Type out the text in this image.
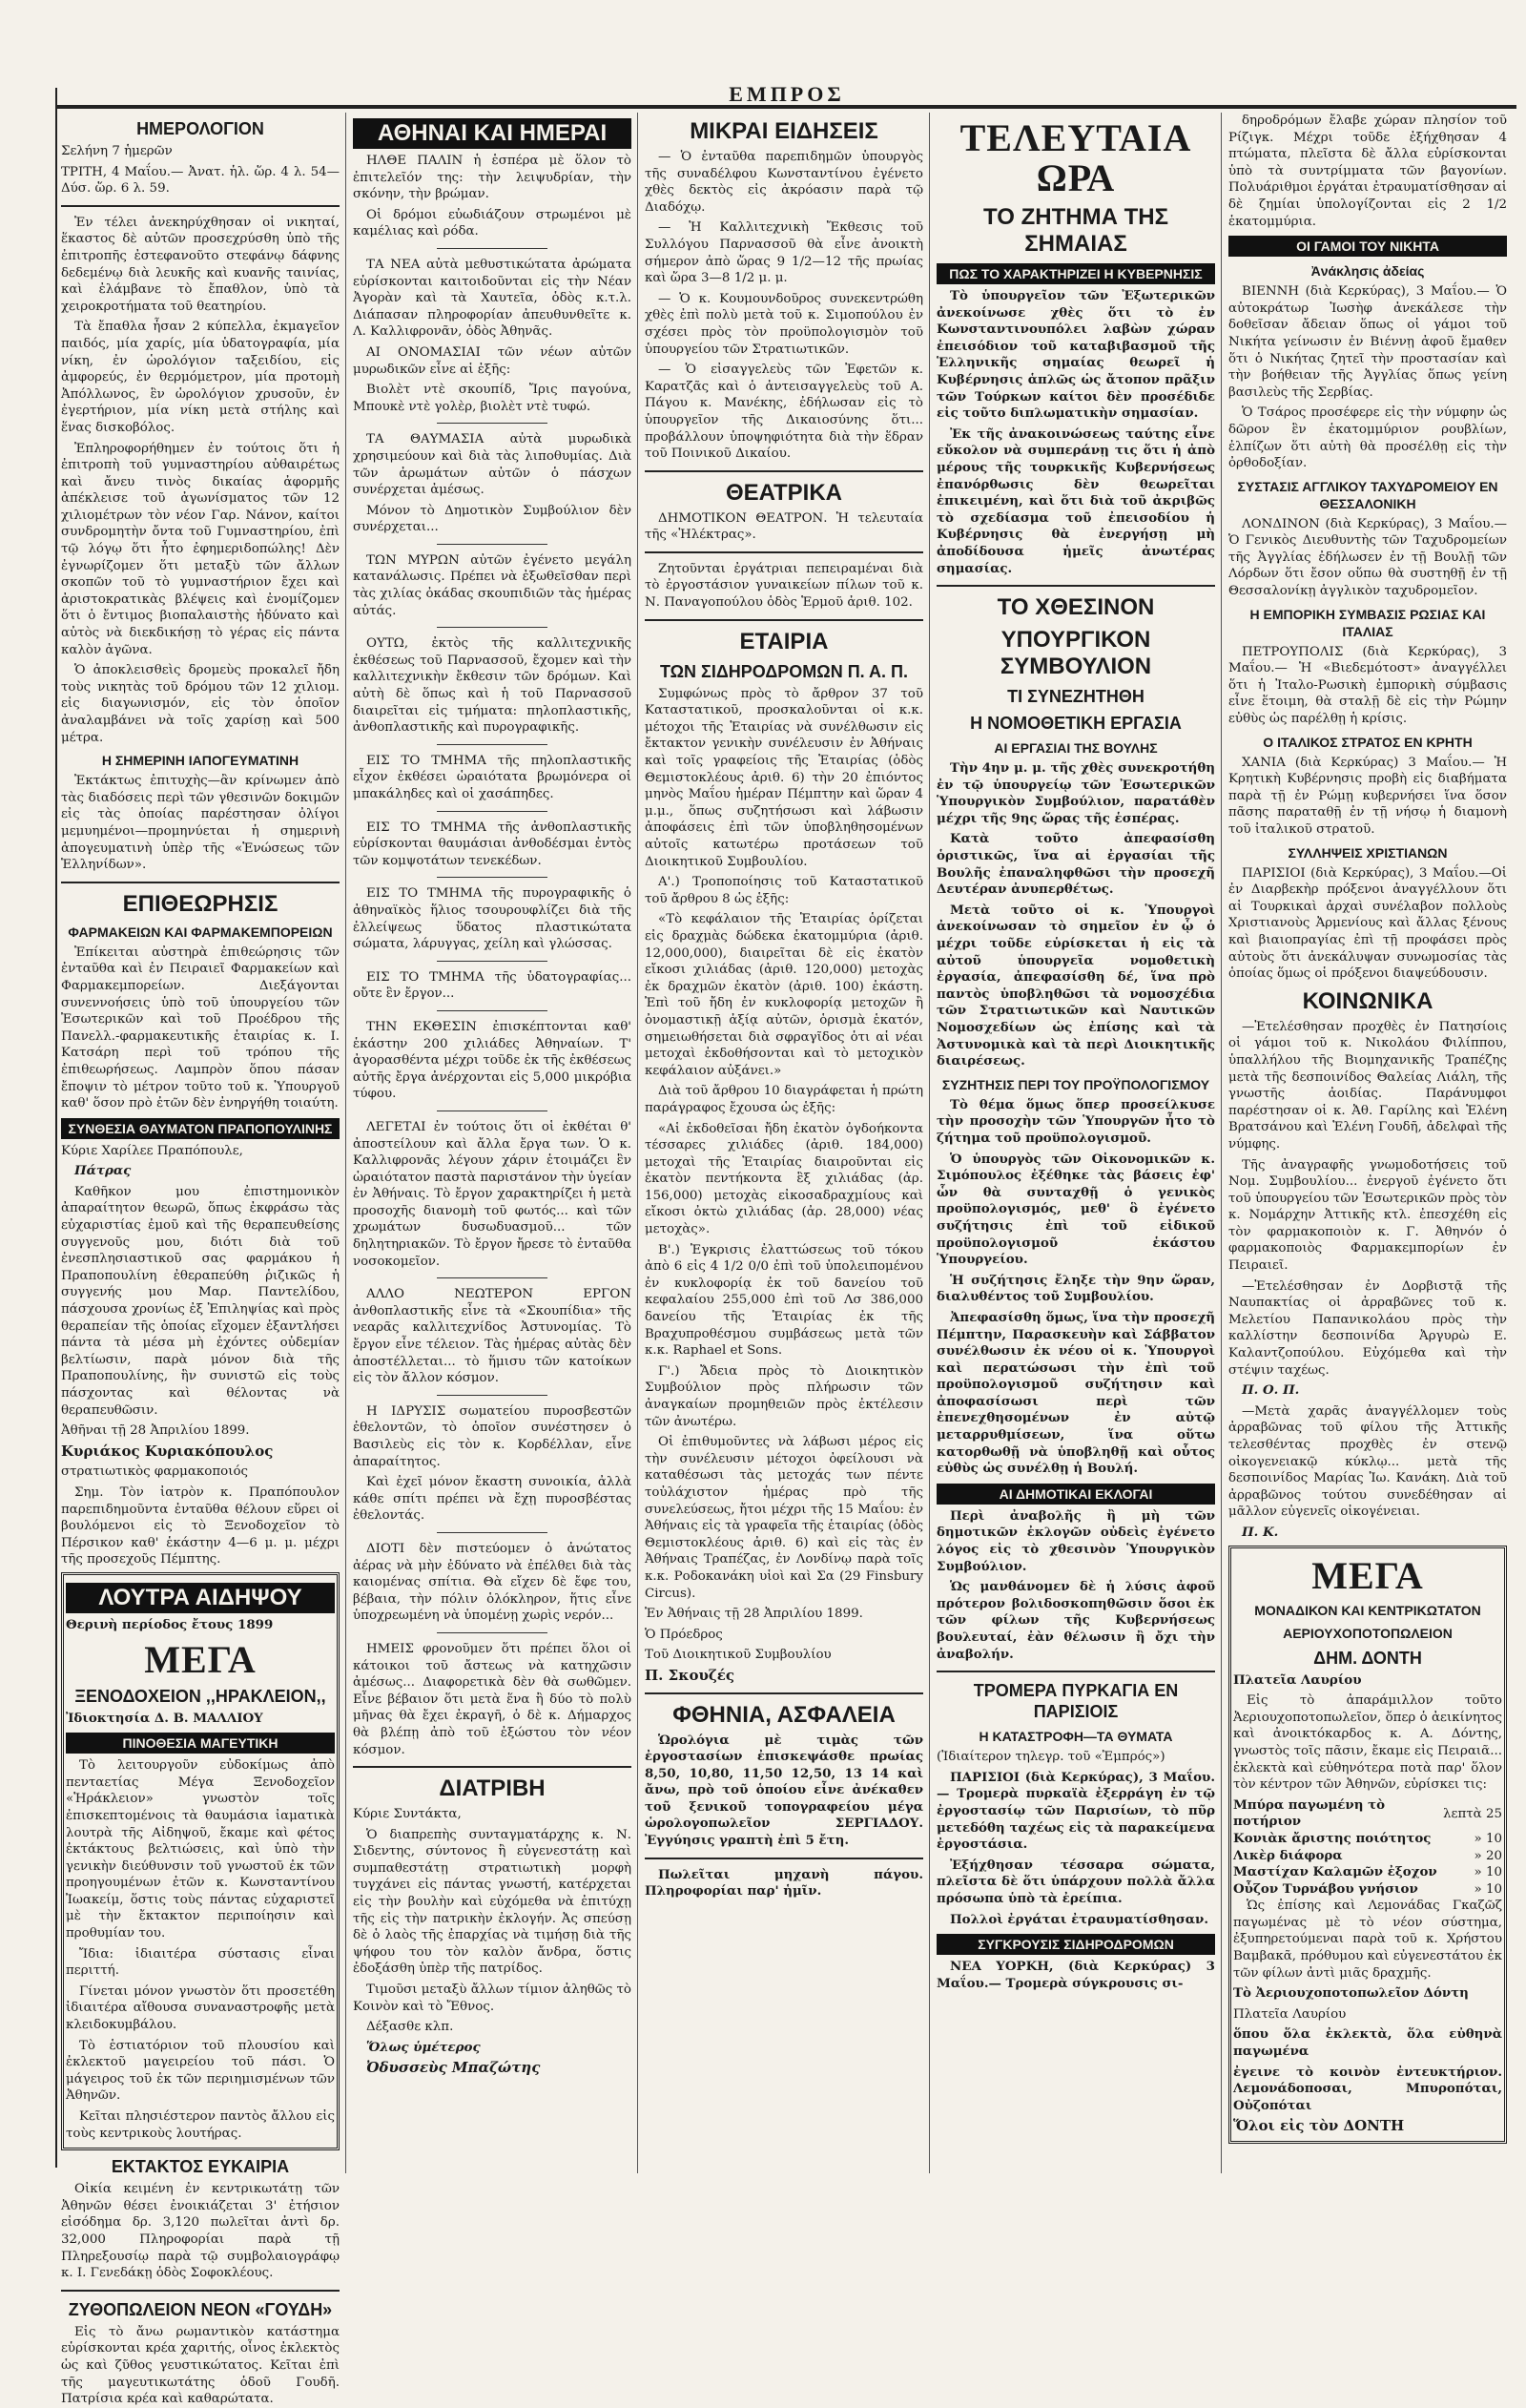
ΕΜΠΡΟΣ
ΗΜΕΡΟΛΟΓΙΟΝ

Σελήνη 7 ἡμερῶν

ΤΡΙΤΗ, 4 Μαΐου.— Ἀνατ. ἡλ. ὥρ. 4 λ. 54—Δύσ. ὥρ. 6 λ. 59.

Ἐν τέλει ἀνεκηρύχθησαν οἱ νικηταί, ἕκαστος δὲ αὐτῶν προσεχρύσθη ὑπὸ τῆς ἐπιτροπῆς ἐστεφανοῦτο στεφάνῳ δάφνης δεδεμένῳ διὰ λευκῆς καὶ κυανῆς ταινίας, καὶ ἐλάμβανε τὸ ἔπαθλον, ὑπὸ τὰ χειροκροτήματα τοῦ θεατηρίου.

Τὰ ἔπαθλα ἦσαν 2 κύπελλα, ἐκμαγεῖον παιδός, μία χαρίς, μία ὑδατογραφία, μία νίκη, ἐν ὡρολόγιον ταξειδίου, εἰς ἀμφορεύς, ἐν θερμόμετρον, μία προτομὴ Ἀπόλλωνος, ἓν ὡρολόγιον χρυσοῦν, ἐν ἐγερτήριον, μία νίκη μετὰ στήλης καὶ ἕνας δισκοβόλος.

Ἐπληροφορήθημεν ἐν τούτοις ὅτι ἡ ἐπιτροπὴ τοῦ γυμναστηρίου αὐθαιρέτως καὶ ἄνευ τινὸς δικαίας ἀφορμῆς ἀπέκλεισε τοῦ ἀγωνίσματος τῶν 12 χιλιομέτρων τὸν νέον Γαρ. Νάνον, καίτοι συνδρομητὴν ὄντα τοῦ Γυμναστηρίου, ἐπὶ τῷ λόγῳ ὅτι ἦτο ἐφημεριδοπώλης! Δὲν ἐγνωρίζομεν ὅτι μεταξὺ τῶν ἄλλων σκοπῶν τοῦ τὸ γυμναστήριον ἔχει καὶ ἀριστοκρατικὰς βλέψεις καὶ ἐνομίζομεν ὅτι ὁ ἔντιμος βιοπαλαιστὴς ἠδύνατο καὶ αὐτὸς νὰ διεκδικήσῃ τὸ γέρας εἰς πάντα καλὸν ἀγῶνα.

Ὁ ἀποκλεισθεὶς δρομεὺς προκαλεῖ ἤδη τοὺς νικητὰς τοῦ δρόμου τῶν 12 χιλιομ. εἰς διαγωνισμόν, εἰς τὸν ὁποῖον ἀναλαμβάνει νὰ τοῖς χαρίσῃ καὶ 500 μέτρα.

Η ΣΗΜΕΡΙΝΗ ΙΑΠΟΓΕΥΜΑΤΙΝΗ

Ἐκτάκτως ἐπιτυχὴς—ἂν κρίνωμεν ἀπὸ τὰς διαδόσεις περὶ τῶν γθεσινῶν δοκιμῶν εἰς τὰς ὁποίας παρέστησαν ὀλίγοι μεμυημένοι—προμηνύεται ἡ σημερινὴ ἀπογευματινὴ ὑπὲρ τῆς «Ἑνώσεως τῶν Ἑλληνίδων».

ΕΠΙΘΕΩΡΗΣΙΣ
ΦΑΡΜΑΚΕΙΩΝ ΚΑΙ ΦΑΡΜΑΚΕΜΠΟΡΕΙΩΝ

Ἐπίκειται αὐστηρὰ ἐπιθεώρησις τῶν ἐνταῦθα καὶ ἐν Πειραιεῖ Φαρμακείων καὶ Φαρμακεμπορείων. Διεξάγονται συνεννοήσεις ὑπὸ τοῦ ὑπουργείου τῶν Ἐσωτερικῶν καὶ τοῦ Προέδρου τῆς Πανελλ.-φαρμακευτικῆς ἑταιρίας κ. Ι. Κατσάρη περὶ τοῦ τρόπου τῆς ἐπιθεωρήσεως. Λαμπρὸν ὅπου πάσαν ἔποψιν τὸ μέτρον τοῦτο τοῦ κ. Ὑπουργοῦ καθ' ὅσον πρὸ ἐτῶν δὲν ἐνηργήθη τοιαύτη.

ΣΥΝΘΕΣΙΑ ΘΑΥΜΑΤΟΝ ΠΡΑΠΟΠΟΥΛΙΝΗΣ

Κύριε Χαρίλεε Πραπόπουλε,

Πάτρας

Καθῆκον μου ἐπιστημονικὸν ἀπαραίτητον θεωρῶ, ὅπως ἐκφράσω τὰς εὐχαριστίας ἐμοῦ καὶ τῆς θεραπευθείσης συγγενοῦς μου, διότι διὰ τοῦ ἐνεσπλησιαστικοῦ σας φαρμάκου ἡ Πραποπουλίνη ἐθεραπεύθη ῥιζικῶς ἡ συγγενής μου Μαρ. Παντελίδου, πάσχουσα χρονίως ἐξ Ἐπιληψίας καὶ πρὸς θεραπείαν τῆς ὁποίας εἴχομεν ἐξαντλήσει πάντα τὰ μέσα μὴ ἐχόντες οὐδεμίαν βελτίωσιν, παρὰ μόνον διὰ τῆς Πραποπουλίνης, ἣν συνιστῶ εἰς τοὺς πάσχοντας καὶ θέλοντας νὰ θεραπευθῶσιν.

Ἀθῆναι τῇ 28 Ἀπριλίου 1899.

Κυριάκος Κυριακόπουλος

στρατιωτικὸς φαρμακοποιός

Σημ. Τὸν ἰατρὸν κ. Πραπόπουλον παρεπιδημοῦντα ἐνταῦθα θέλουν εὕρει οἱ βουλόμενοι εἰς τὸ Ξενοδοχεῖον τὸ Πέρσικον καθ' ἑκάστην 4—6 μ. μ. μέχρι τῆς προσεχοῦς Πέμπτης.

ΛΟΥΤΡΑ ΑΙΔΗΨΟΥ

Θερινὴ περίοδος ἔτους 1899

ΜΕΓΑ
ΞΕΝΟΔΟΧΕΙΟΝ ,,ΗΡΑΚΛΕΙΟΝ,,

Ἰδιοκτησία Δ. Β. ΜΑΛΛΙΟΥ

ΠΙΝΟΘΕΣΙΑ ΜΑΓΕΥΤΙΚΗ

Τὸ λειτουργοῦν εὐδοκίμως ἀπὸ πενταετίας Μέγα Ξενοδοχεῖον «Ἡράκλειον» γνωστὸν τοῖς ἐπισκεπτομένοις τὰ θαυμάσια ἰαματικὰ λουτρὰ τῆς Αἰδηψοῦ, ἔκαμε καὶ φέτος ἐκτάκτους βελτιώσεις, καὶ ὑπὸ τὴν γενικὴν διεύθυνσιν τοῦ γνωστοῦ ἐκ τῶν προηγουμένων ἐτῶν κ. Κωνσταντίνου Ἰωακείμ, ὅστις τοὺς πάντας εὐχαριστεῖ μὲ τὴν ἔκτακτον περιποίησιν καὶ προθυμίαν του.

Ἴδια: ἰδιαιτέρα σύστασις εἶναι περιττή.

Γίνεται μόνον γνωστὸν ὅτι προσετέθη ἰδιαιτέρα αἴθουσα συναναστροφῆς μετὰ κλειδοκυμβάλου.

Τὸ ἑστιατόριον τοῦ πλουσίου καὶ ἐκλεκτοῦ μαγειρείου τοῦ πάσι. Ὁ μάγειρος τοῦ ἐκ τῶν περιημισμένων τῶν Ἀθηνῶν.

Κεῖται πλησιέστερον παντὸς ἄλλου εἰς τοὺς κεντρικοὺς λουτήρας.

ΕΚΤΑΚΤΟΣ ΕΥΚΑΙΡΙΑ

Οἰκία κειμένη ἐν κεντρικωτάτῃ τῶν Ἀθηνῶν θέσει ἐνοικιάζεται 3' ἐτήσιον εἰσόδημα δρ. 3,120 πωλεῖται ἀντὶ δρ. 32,000 Πληροφορίαι παρὰ τῇ Πληρεξουσίῳ παρὰ τῷ συμβολαιογράφῳ κ. Ι. Γενεδάκῃ ὁδὸς Σοφοκλέους.

ΖΥΘΟΠΩΛΕΙΟΝ ΝΕΟΝ «ΓΟΥΔΗ»

Εἰς τὸ ἄνω ρωμαντικὸν κατάστημα εὑρίσκονται κρέα χαριτής, οἶνος ἐκλεκτὸς ὡς καὶ ζῦθος γευστικώτατος. Κεῖται ἐπὶ τῆς μαγευτικωτάτης ὁδοῦ Γουδῆ. Πατρίσια κρέα καὶ καθαρώτατα.

ΑΘΗΝΑΙ ΚΑΙ ΗΜΕΡΑΙ

ΗΛΘΕ ΠΑΛΙΝ ἡ ἑσπέρα μὲ ὅλον τὸ ἐπιτελεῖόν της: τὴν λειψυδρίαν, τὴν σκόνην, τὴν βρώμαν.

Οἱ δρόμοι εὐωδιάζουν στρωμένοι μὲ καμέλιας καὶ ρόδα.

ΤΑ ΝΕΑ αὐτὰ μεθυστικώτατα ἀρώματα εὑρίσκονται καιτοιδοῦνται εἰς τὴν Νέαν Ἀγορὰν καὶ τὰ Χαυτεῖα, ὁδὸς κ.τ.λ. Διάπασαν πληροφορίαν ἀπευθυνθεῖτε κ. Λ. Καλλιφρονᾶν, ὁδὸς Ἀθηνᾶς.

ΑΙ ΟΝΟΜΑΣΙΑΙ τῶν νέων αὐτῶν μυρωδικῶν εἶνε αἱ ἐξῆς:

Βιολὲτ ντὲ σκουπίδ, Ἴρις παγούνα, Μπουκὲ ντὲ γολὲρ, βιολὲτ ντὲ τυφώ.

ΤΑ ΘΑΥΜΑΣΙΑ αὐτὰ μυρωδικὰ χρησιμεύουν καὶ διὰ τὰς λιποθυμίας. Διὰ τῶν ἀρωμάτων αὐτῶν ὁ πάσχων συνέρχεται ἀμέσως.

Μόνον τὸ Δημοτικὸν Συμβούλιον δὲν συνέρχεται...

ΤΩΝ ΜΥΡΩΝ αὐτῶν ἐγένετο μεγάλη κατανάλωσις. Πρέπει νὰ ἐξωθεῖσθαν περὶ τὰς χιλίας ὀκάδας σκουπιδιῶν τὰς ἡμέρας αὐτάς.

ΟΥΤΩ, ἐκτὸς τῆς καλλιτεχνικῆς ἐκθέσεως τοῦ Παρνασσοῦ, ἔχομεν καὶ τὴν καλλιτεχνικὴν ἔκθεσιν τῶν δρόμων. Καὶ αὐτὴ δὲ ὅπως καὶ ἡ τοῦ Παρνασσοῦ διαιρεῖται εἰς τμήματα: πηλοπλαστικῆς, ἀνθοπλαστικῆς καὶ πυρογραφικῆς.

ΕΙΣ ΤΟ ΤΜΗΜΑ τῆς πηλοπλαστικῆς εἶχον ἐκθέσει ὡραιότατα βρωμόνερα οἱ μπακάληδες καὶ οἱ χασάπηδες.

ΕΙΣ ΤΟ ΤΜΗΜΑ τῆς ἀνθοπλαστικῆς εὑρίσκονται θαυμάσιαι ἀνθοδέσμαι ἐντὸς τῶν κομψοτάτων τενεκέδων.

ΕΙΣ ΤΟ ΤΜΗΜΑ τῆς πυρογραφικῆς ὁ ἀθηναϊκὸς ἥλιος τσουρουφλίζει διὰ τῆς ἐλλείψεως ὕδατος πλαστικώτατα σώματα, λάρυγγας, χείλη καὶ γλώσσας.

ΕΙΣ ΤΟ ΤΜΗΜΑ τῆς ὑδατογραφίας... οὔτε ἓν ἔργον...

ΤΗΝ ΕΚΘΕΣΙΝ ἐπισκέπτονται καθ' ἑκάστην 200 χιλιάδες Ἀθηναίων. Τ' ἀγορασθέντα μέχρι τοῦδε ἐκ τῆς ἐκθέσεως αὐτῆς ἔργα ἀνέρχονται εἰς 5,000 μικρόβια τύφου.

ΛΕΓΕΤΑΙ ἐν τούτοις ὅτι οἱ ἐκθέται θ' ἀποστείλουν καὶ ἄλλα ἔργα των. Ὁ κ. Καλλιφρονᾶς λέγουν χάριν ἑτοιμάζει ἓν ὡραιότατον παστὰ παριστάνον τὴν ὑγείαν ἐν Ἀθήναις. Τὸ ἔργον χαρακτηρίζει ἡ μετὰ προσοχῆς διανομὴ τοῦ φωτός... καὶ τῶν χρωμάτων δυσωδυασμοῦ... τῶν δηλητηριακῶν. Τὸ ἔργον ἤρεσε τὸ ἐνταῦθα νοσοκομεῖον.

ΑΛΛΟ ΝΕΩΤΕΡΟΝ ΕΡΓΟΝ ἀνθοπλαστικῆς εἶνε τὰ «Σκουπίδια» τῆς νεαρᾶς καλλιτεχνίδος Ἀστυνομίας. Τὸ ἔργον εἶνε τέλειον. Τὰς ἡμέρας αὐτὰς δὲν ἀποστέλλεται... τὸ ἥμισυ τῶν κατοίκων εἰς τὸν ἄλλον κόσμον.

Η ΙΔΡΥΣΙΣ σωματείου πυροσβεστῶν ἐθελοντῶν, τὸ ὁποῖον συνέστησεν ὁ Βασιλεὺς εἰς τὸν κ. Κορδέλλαν, εἶνε ἀπαραίτητος.

Καὶ ἐχεῖ μόνον ἔκαστη συνοικία, ἀλλὰ κάθε σπίτι πρέπει νὰ ἔχῃ πυροσβέστας ἐθελοντάς.

ΔΙΟΤΙ δὲν πιστεύομεν ὁ ἀνώτατος ἀέρας νὰ μὴν ἐδύνατο νὰ ἐπέλθει διὰ τὰς καιομένας σπίτια. Θὰ εἴχεν δὲ ἔφε του, βέβαια, τὴν πόλιν ὁλόκληρον, ἥτις εἶνε ὑποχρεωμένη νὰ ὑπομένῃ χωρὶς νερόν...

ΗΜΕΙΣ φρονοῦμεν ὅτι πρέπει ὅλοι οἱ κάτοικοι τοῦ ἄστεως νὰ κατηχῶσιν ἀμέσως... Διαφορετικὰ δὲν θὰ σωθῶμεν. Εἶνε βέβαιον ὅτι μετὰ ἕνα ἢ δύο τὸ πολὺ μῆνας θὰ ἔχει ἐκραγῆ, ὁ δὲ κ. Δήμαρχος θὰ βλέπῃ ἀπὸ τοῦ ἐξώστου τὸν νέον κόσμον.

ΔΙΑΤΡΙΒΗ

Κύριε Συντάκτα,

Ὁ διαπρεπὴς συνταγματάρχης κ. Ν. Σιδεντης, σύντονος ἢ εὐγενεστάτῃ καὶ συμπαθεστάτῃ στρατιωτικὴ μορφὴ τυγχάνει εἰς πάντας γνωστή, κατέρχεται εἰς τὴν βουλὴν καὶ εὐχόμεθα νὰ ἐπιτύχῃ τῆς εἰς τὴν πατρικὴν ἐκλογήν. Ἀς σπεύσῃ δὲ ὁ λαὸς τῆς ἐπαρχίας νὰ τιμήσῃ διὰ τῆς ψήφου του τὸν καλὸν ἄνδρα, ὅστις ἐδοξάσθη ὑπὲρ τῆς πατρίδος.

Τιμοῦσι μεταξὺ ἄλλων τίμιον ἀληθῶς τὸ Κοινὸν καὶ τὸ Ἔθνος.

Δέξασθε κλπ.

Ὅλως ὑμέτερος

Ὀδυσσεὺς Μπαζώτης

ΜΙΚΡΑΙ ΕΙΔΗΣΕΙΣ

— Ὁ ἐνταῦθα παρεπιδημῶν ὑπουργὸς τῆς συναδέλφου Κωνσταντίνου ἐγένετο χθὲς δεκτὸς εἰς ἀκρόασιν παρὰ τῷ Διαδόχῳ.

— Ἡ Καλλιτεχνικὴ Ἔκθεσις τοῦ Συλλόγου Παρνασσοῦ θὰ εἶνε ἀνοικτὴ σήμερον ἀπὸ ὥρας 9 1/2—12 τῆς πρωίας καὶ ὥρα 3—8 1/2 μ. μ.

— Ὁ κ. Κουμουνδοῦρος συνεκεντρώθη χθὲς ἐπὶ πολὺ μετὰ τοῦ κ. Σιμοπούλου ἐν σχέσει πρὸς τὸν προϋπολογισμὸν τοῦ ὑπουργείου τῶν Στρατιωτικῶν.

— Ὁ εἰσαγγελεὺς τῶν Ἐφετῶν κ. Καρατζᾶς καὶ ὁ ἀντεισαγγελεὺς τοῦ Α. Πάγου κ. Μανέκης, ἐδήλωσαν εἰς τὸ ὑπουργεῖον τῆς Δικαιοσύνης ὅτι... προβάλλουν ὑποψηφιότητα διὰ τὴν ἕδραν τοῦ Ποινικοῦ Δικαίου.

ΘΕΑΤΡΙΚΑ

ΔΗΜΟΤΙΚΟΝ ΘΕΑΤΡΟΝ. Ἡ τελευταία τῆς «Ἠλέκτρας».

Ζητοῦνται ἐργάτριαι πεπειραμέναι διὰ τὸ ἐργοστάσιον γυναικείων πίλων τοῦ κ. Ν. Παναγοπούλου ὁδὸς Ἑρμοῦ ἀριθ. 102.

ΕΤΑΙΡΙΑ
ΤΩΝ ΣΙΔΗΡΟΔΡΟΜΩΝ Π. Α. Π.

Συμφώνως πρὸς τὸ ἄρθρον 37 τοῦ Καταστατικοῦ, προσκαλοῦνται οἱ κ.κ. μέτοχοι τῆς Ἑταιρίας νὰ συνέλθωσιν εἰς ἔκτακτον γενικὴν συνέλευσιν ἐν Ἀθήναις καὶ τοῖς γραφείοις τῆς Ἑταιρίας (ὁδὸς Θεμιστοκλέους ἀριθ. 6) τὴν 20 ἐπιόντος μηνὸς Μαΐου ἡμέραν Πέμπτην καὶ ὥραν 4 μ.μ., ὅπως συζητήσωσι καὶ λάβωσιν ἀποφάσεις ἐπὶ τῶν ὑποβληθησομένων αὐτοῖς κατωτέρω προτάσεων τοῦ Διοικητικοῦ Συμβουλίου.

Α'.) Τροποποίησις τοῦ Καταστατικοῦ τοῦ ἄρθρου 8 ὡς ἑξῆς:

«Τὸ κεφάλαιον τῆς Ἑταιρίας ὁρίζεται εἰς δραχμὰς δώδεκα ἑκατομμύρια (ἀριθ. 12,000,000), διαιρεῖται δὲ εἰς ἑκατὸν εἴκοσι χιλιάδας (ἀριθ. 120,000) μετοχὰς ἐκ δραχμῶν ἑκατὸν (ἀριθ. 100) ἑκάστη. Ἐπὶ τοῦ ἤδη ἐν κυκλοφορίᾳ μετοχῶν ἢ ὀνομαστικῇ ἀξίᾳ αὐτῶν, ὁρισμὰ ἑκατόν, σημειωθήσεται διὰ σφραγῖδος ὁτι αἱ νέαι μετοχαὶ ἐκδοθήσονται καὶ τὸ μετοχικὸν κεφάλαιον αὐξάνει.»

Διὰ τοῦ ἄρθρου 10 διαγράφεται ἡ πρώτη παράγραφος ἔχουσα ὡς ἑξῆς:

«Αἱ ἐκδοθεῖσαι ἤδη ἐκατὸν ὀγδοήκοντα τέσσαρες χιλιάδες (ἀριθ. 184,000) μετοχαὶ τῆς Ἑταιρίας διαιροῦνται εἰς ἑκατὸν πεντήκοντα ἓξ χιλιάδας (ἀρ. 156,000) μετοχὰς εἰκοσαδραχμίους καὶ εἴκοσι ὀκτὼ χιλιάδας (ἀρ. 28,000) νέας μετοχὰς».

Β'.) Ἐγκρισις ἐλαττώσεως τοῦ τόκου ἀπὸ 6 εἰς 4 1/2 0/0 ἐπὶ τοῦ ὑπολειπομένου ἐν κυκλοφορίᾳ ἐκ τοῦ δανείου τοῦ κεφαλαίου 255,000 ἐπὶ τοῦ Λσ 386,000 δανείου τῆς Ἑταιρίας ἐκ τῆς Βραχυπροθέσμου συμβάσεως μετὰ τῶν κ.κ. Raphael et Sons.

Γ'.) Ἄδεια πρὸς τὸ Διοικητικὸν Συμβούλιον πρὸς πλήρωσιν τῶν ἀναγκαίων προμηθειῶν πρὸς ἐκτέλεσιν τῶν ἀνωτέρω.

Οἱ ἐπιθυμοῦντες νὰ λάβωσι μέρος εἰς τὴν συνέλευσιν μέτοχοι ὀφείλουσι νὰ καταθέσωσι τὰς μετοχάς των πέντε τοὐλάχιστον ἡμέρας πρὸ τῆς συνελεύσεως, ἤτοι μέχρι τῆς 15 Μαΐου: ἐν Ἀθήναις εἰς τὰ γραφεῖα τῆς ἑταιρίας (ὁδὸς Θεμιστοκλέους ἀριθ. 6) καὶ εἰς τὰς ἐν Ἀθήναις Τραπέζας, ἐν Λονδίνῳ παρὰ τοῖς κ.κ. Ροδοκανάκη υἱοὶ καὶ Σα (29 Finsbury Circus).

Ἐν Ἀθήναις τῇ 28 Ἀπριλίου 1899.

Ὁ Πρόεδρος

Τοῦ Διοικητικοῦ Συμβουλίου

Π. Σκουζές

ΦΘΗΝΙΑ, ΑΣΦΑΛΕΙΑ

Ὡρολόγια μὲ τιμὰς τῶν ἐργοστασίων ἐπισκεψάσθε πρωίας 8,50, 10,80, 11,50 12,50, 13 14 καὶ ἄνω, πρὸ τοῦ ὁποίου εἶνε ἀνέκαθεν τοῦ ξενικοῦ τοπογραφείου μέγα ὡρολογοπωλεῖον ΣΕΡΓΙΑΔΟΥ. Ἐγγύησις γραπτὴ ἐπὶ 5 ἔτη.

Πωλεῖται μηχανὴ πάγου. Πληροφορίαι παρ' ἡμῖν.

ΤΕΛΕΥΤΑΙΑ ΩΡΑ
ΤΟ ΖΗΤΗΜΑ ΤΗΣ ΣΗΜΑΙΑΣ
ΠΩΣ ΤΟ ΧΑΡΑΚΤΗΡΙΖΕΙ Η ΚΥΒΕΡΝΗΣΙΣ

Τὸ ὑπουργεῖον τῶν Ἐξωτερικῶν ἀνεκοίνωσε χθὲς ὅτι τὸ ἐν Κωνσταντινουπόλει λαβὼν χώραν ἐπεισόδιον τοῦ καταβιβασμοῦ τῆς Ἑλληνικῆς σημαίας θεωρεῖ ἡ Κυβέρνησις ἁπλῶς ὡς ἄτοπον πρᾶξιν τῶν Τούρκων καίτοι δὲν προσέδιδε εἰς τοῦτο διπλωματικὴν σημασίαν.

Ἐκ τῆς ἀνακοινώσεως ταύτης εἶνε εὔκολον νὰ συμπεράνῃ τις ὅτι ἡ ἀπὸ μέρους τῆς τουρκικῆς Κυβερνήσεως ἐπανόρθωσις δὲν θεωρεῖται ἐπικειμένη, καὶ ὅτι διὰ τοῦ ἀκριβῶς τὸ σχεδίασμα τοῦ ἐπεισοδίου ἡ Κυβέρνησις θὰ ἐνεργήσῃ μὴ ἀποδίδουσα ἡμεῖς ἀνωτέρας σημασίας.

ΤΟ ΧΘΕΣΙΝΟΝ
ΥΠΟΥΡΓΙΚΟΝ ΣΥΜΒΟΥΛΙΟΝ
ΤΙ ΣΥΝΕΖΗΤΗΘΗ
Η ΝΟΜΟΘΕΤΙΚΗ ΕΡΓΑΣΙΑ
ΑΙ ΕΡΓΑΣΙΑΙ ΤΗΣ ΒΟΥΛΗΣ

Τὴν 4ην μ. μ. τῆς χθὲς συνεκροτήθη ἐν τῷ ὑπουργείῳ τῶν Ἐσωτερικῶν Ὑπουργικὸν Συμβούλιον, παρατάθὲν μέχρι τῆς 9ης ὥρας τῆς ἑσπέρας.

Κατὰ τοῦτο ἀπεφασίσθη ὁριστικῶς, ἵνα αἱ ἐργασίαι τῆς Βουλῆς ἐπαναληφθῶσι τὴν προσεχῆ Δευτέραν ἀνυπερθέτως.

Μετὰ τοῦτο οἱ κ. Ὑπουργοὶ ἀνεκοίνωσαν τὸ σημεῖον ἐν ᾧ ὁ μέχρι τοῦδε εὑρίσκεται ἡ εἰς τὰ αὐτοῦ ὑπουργεῖα νομοθετικὴ ἐργασία, ἀπεφασίσθη δέ, ἵνα πρὸ παντὸς ὑποβληθῶσι τὰ νομοσχέδια τῶν Στρατιωτικῶν καὶ Ναυτικῶν Νομοσχεδίων ὡς ἐπίσης καὶ τὰ Ἀστυνομικὰ καὶ τὰ περὶ Διοικητικῆς διαιρέσεως.

ΣΥΖΗΤΗΣΙΣ ΠΕΡΙ ΤΟΥ ΠΡΟΫΠΟΛΟΓΙΣΜΟΥ

Τὸ θέμα ὅμως ὅπερ προσείλκυσε τὴν προσοχὴν τῶν Ὑπουργῶν ἦτο τὸ ζήτημα τοῦ προϋπολογισμοῦ.

Ὁ ὑπουργὸς τῶν Οἰκονομικῶν κ. Σιμόπουλος ἐξέθηκε τὰς βάσεις ἐφ' ὧν θὰ συνταχθῇ ὁ γενικὸς προϋπολογισμός, μεθ' ὃ ἐγένετο συζήτησις ἐπὶ τοῦ εἰδικοῦ προϋπολογισμοῦ ἑκάστου Ὑπουργείου.

Ἡ συζήτησις ἔληξε τὴν 9ην ὥραν, διαλυθέντος τοῦ Συμβουλίου.

Ἀπεφασίσθη ὅμως, ἵνα τὴν προσεχῆ Πέμπτην, Παρασκευὴν καὶ Σάββατον συνέλθωσιν ἐκ νέου οἱ κ. Ὑπουργοὶ καὶ περατώσωσι τὴν ἐπὶ τοῦ προϋπολογισμοῦ συζήτησιν καὶ ἀποφασίσωσι περὶ τῶν ἐπενεχθησομένων ἐν αὐτῷ μεταρρυθμίσεων, ἵνα οὕτω κατορθωθῇ νὰ ὑποβληθῇ καὶ οὗτος εὐθὺς ὡς συνέλθῃ ἡ Βουλή.

ΑΙ ΔΗΜΟΤΙΚΑΙ ΕΚΛΟΓΑΙ

Περὶ ἀναβολῆς ἢ μὴ τῶν δημοτικῶν ἐκλογῶν οὐδεὶς ἐγένετο λόγος εἰς τὸ χθεσινὸν Ὑπουργικὸν Συμβούλιον.

Ὡς μανθάνομεν δὲ ἡ λύσις ἀφοῦ πρότερον βολιδοσκοπηθῶσιν ὅσοι ἐκ τῶν φίλων τῆς Κυβερνήσεως βουλευταί, ἐὰν θέλωσιν ἢ ὄχι τὴν ἀναβολήν.

ΤΡΟΜΕΡΑ ΠΥΡΚΑΓΙΑ ΕΝ ΠΑΡΙΣΙΟΙΣ
Η ΚΑΤΑΣΤΡΟΦΗ—ΤΑ ΘΥΜΑΤΑ

(Ἰδιαίτερον τηλεγρ. τοῦ «Ἐμπρός»)

ΠΑΡΙΣΙΟΙ (διὰ Κερκύρας), 3 Μαΐου.— Τρομερὰ πυρκαϊὰ ἐξερράγη ἐν τῷ ἐργοστασίῳ τῶν Παρισίων, τὸ πῦρ μετεδόθη ταχέως εἰς τὰ παρακείμενα ἐργοστάσια.

Ἐξήχθησαν τέσσαρα σώματα, πλεῖστα δὲ ὅτι ὑπάρχουν πολλὰ ἄλλα πρόσωπα ὑπὸ τὰ ἐρείπια.

Πολλοὶ ἐργάται ἐτραυματίσθησαν.

ΣΥΓΚΡΟΥΣΙΣ ΣΙΔΗΡΟΔΡΟΜΩΝ

ΝΕΑ ΥΟΡΚΗ, (διὰ Κερκύρας) 3 Μαΐου.— Τρομερὰ σύγκρουσις σι-

δηροδρόμων ἔλαβε χώραν πλησίον τοῦ Ρίζιγκ. Μέχρι τοῦδε ἐξήχθησαν 4 πτώματα, πλεῖστα δὲ ἄλλα εὑρίσκονται ὑπὸ τὰ συντρίμματα τῶν βαγονίων. Πολυάριθμοι ἐργάται ἐτραυματίσθησαν αἱ δὲ ζημίαι ὑπολογίζονται εἰς 2 1/2 ἑκατομμύρια.

ΟΙ ΓΑΜΟΙ ΤΟΥ ΝΙΚΗΤΑ
Ἀνάκλησις ἀδείας

ΒΙΕΝΝΗ (διὰ Κερκύρας), 3 Μαΐου.— Ὁ αὐτοκράτωρ Ἰωσὴφ ἀνεκάλεσε τὴν δοθεῖσαν ἄδειαν ὅπως οἱ γάμοι τοῦ Νικήτα γείνωσιν ἐν Βιέννῃ ἀφοῦ ἔμαθεν ὅτι ὁ Νικήτας ζητεῖ τὴν προστασίαν καὶ τὴν βοήθειαν τῆς Ἀγγλίας ὅπως γείνη βασιλεὺς τῆς Σερβίας.

Ὁ Τσάρος προσέφερε εἰς τὴν νύμφην ὡς δῶρον ἓν ἑκατομμύριον ρουβλίων, ἐλπίζων ὅτι αὐτὴ θὰ προσέλθῃ εἰς τὴν ὀρθοδοξίαν.

ΣΥΣΤΑΣΙΣ ΑΓΓΛΙΚΟΥ ΤΑΧΥΔΡΟΜΕΙΟΥ ΕΝ ΘΕΣΣΑΛΟΝΙΚΗ

ΛΟΝΔΙΝΟΝ (διὰ Κερκύρας), 3 Μαΐου.— Ὁ Γενικὸς Διευθυντὴς τῶν Ταχυδρομείων τῆς Ἀγγλίας ἐδήλωσεν ἐν τῇ Βουλῇ τῶν Λόρδων ὅτι ἔσον οὕπω θὰ συστηθῇ ἐν τῇ Θεσσαλονίκῃ ἀγγλικὸν ταχυδρομεῖον.

Η ΕΜΠΟΡΙΚΗ ΣΥΜΒΑΣΙΣ ΡΩΣΙΑΣ ΚΑΙ ΙΤΑΛΙΑΣ

ΠΕΤΡΟΥΠΟΛΙΣ (διὰ Κερκύρας), 3 Μαΐου.— Ἡ «Βιεδεμότοστ» ἀναγγέλλει ὅτι ἡ Ἰταλο-Ρωσικὴ ἐμπορικὴ σύμβασις εἶνε ἕτοιμη, θὰ σταλῇ δὲ εἰς τὴν Ρώμην εὐθὺς ὡς παρέλθῃ ἡ κρίσις.

Ο ΙΤΑΛΙΚΟΣ ΣΤΡΑΤΟΣ ΕΝ ΚΡΗΤΗ

ΧΑΝΙΑ (διὰ Κερκύρας) 3 Μαΐου.— Ἡ Κρητικὴ Κυβέρνησις προβὴ εἰς διαβήματα παρὰ τῇ ἐν Ρώμῃ κυβερνήσει ἵνα ὅσον πᾶσης παραταθῇ ἐν τῇ νήσῳ ἡ διαμονὴ τοῦ ἰταλικοῦ στρατοῦ.

ΣΥΛΛΗΨΕΙΣ ΧΡΙΣΤΙΑΝΩΝ

ΠΑΡΙΣΙΟΙ (διὰ Κερκύρας), 3 Μαΐου.—Οἱ ἐν Διαρβεκὴρ πρόξενοι ἀναγγέλλουν ὅτι αἱ Τουρκικαὶ ἀρχαὶ συνέλαβον πολλοὺς Χριστιανοὺς Ἀρμενίους καὶ ἄλλας ξένους καὶ βιαιοπραγίας ἐπὶ τῇ προφάσει πρὸς αὐτοὺς ὅτι ἀνεκάλυψαν συνωμοσίας τὰς ὁποίας ὅμως οἱ πρόξενοι διαψεύδουσιν.

ΚΟΙΝΩΝΙΚΑ

—Ἐτελέσθησαν προχθὲς ἐν Πατησίοις οἱ γάμοι τοῦ κ. Νικολάου Φιλίππου, ὑπαλλήλου τῆς Βιομηχανικῆς Τραπέζης μετὰ τῆς δεσποινίδος Θαλείας Λιάλη, τῆς γνωστῆς ἀοιδίας. Παράνυμφοι παρέστησαν οἱ κ. Ἀθ. Γαρίλης καὶ Ἑλένη Βρατσάνου καὶ Ἑλένη Γουδῆ, ἀδελφαὶ τῆς νύμφης.

Τῆς ἀναγραφῆς γνωμοδοτήσεις τοῦ Νομ. Συμβουλίου... ἐνεργοῦ ἐγένετο ὅτι τοῦ ὑπουργείου τῶν Ἐσωτερικῶν πρὸς τὸν κ. Νομάρχην Ἀττικῆς κτλ. ἐπεσχέθη εἰς τὸν φαρμακοποιὸν κ. Γ. Ἀθηνόν ὁ φαρμακοποιὸς Φαρμακεμπορίων ἐν Πειραιεῖ.

—Ἐτελέσθησαν ἐν Δορβιστᾷ τῆς Ναυπακτίας οἱ ἀρραβῶνες τοῦ κ. Μελετίου Παπανικολάου πρὸς τὴν καλλίστην δεσποινίδα Ἀργυρὼ Ε. Καλαντζοπούλου. Εὐχόμεθα καὶ τὴν στέψιν ταχέως.

Π. Ο. Π.

—Μετὰ χαρᾶς ἀναγγέλλομεν τοὺς ἀρραβῶνας τοῦ φίλου τῆς Ἀττικῆς τελεσθέντας προχθὲς ἐν στενῷ οἰκογενειακῷ κύκλῳ... μετὰ τῆς δεσποινίδος Μαρίας Ἰω. Κανάκη. Διὰ τοῦ ἀρραβῶνος τούτου συνεδέθησαν αἱ μᾶλλον εὐγενεῖς οἰκογένειαι.

Π. Κ.

ΜΕΓΑ
ΜΟΝΑΔΙΚΟΝ ΚΑΙ ΚΕΝΤΡΙΚΩΤΑΤΟΝ
ΑΕΡΙΟΥΧΟΠΟΤΟΠΩΛΕΙΟΝ
ΔΗΜ. ΔΟΝΤΗ

Πλατεῖα Λαυρίου

Εἰς τὸ ἀπαράμιλλον τοῦτο Ἀεριουχοποτοπωλεῖον, ὅπερ ὁ ἀεικίνητος καὶ ἀνοικτόκαρδος κ. Α. Δόντης, γνωστὸς τοῖς πᾶσιν, ἔκαμε εἰς Πειραιᾶ... ἐκλεκτὰ καὶ εὐθηνότερα ποτὰ παρ' ὅλον τὸν κέντρον τῶν Ἀθηνῶν, εὑρίσκει τις:

Μπύρα παγωμένη τὸ ποτήριον	λεπτὰ 25
Κονιὰκ ἄριστης ποιότητος	» 10
Λικὲρ διάφορα	» 20
Μαστίχαν Καλαμῶν ἐξοχον	» 10
Οὖζον Τυρνάβου γνήσιον	» 10

Ὡς ἐπίσης καὶ Λεμονάδας Γκαζῶζ παγωμένας μὲ τὸ νέον σύστημα, ἐξυπηρετούμεναι παρὰ τοῦ κ. Χρήστου Βαμβακᾶ, πρόθυμου καὶ εὐγενεστάτου ἐκ τῶν φίλων ἀντὶ μιᾶς δραχμῆς.

Τὸ Ἀεριουχοποτοπωλεῖον Δόντη

Πλατεῖα Λαυρίου

ὅπου ὅλα ἐκλεκτὰ, ὅλα εὐθηνὰ παγωμένα

ἐγεινε τὸ κοινὸν ἐντευκτήριον. Λεμονάδοποσαι, Μπυροπόται, Οὐζοπόται

Ὅλοι εἰς τὸν ΔΟΝΤΗ
